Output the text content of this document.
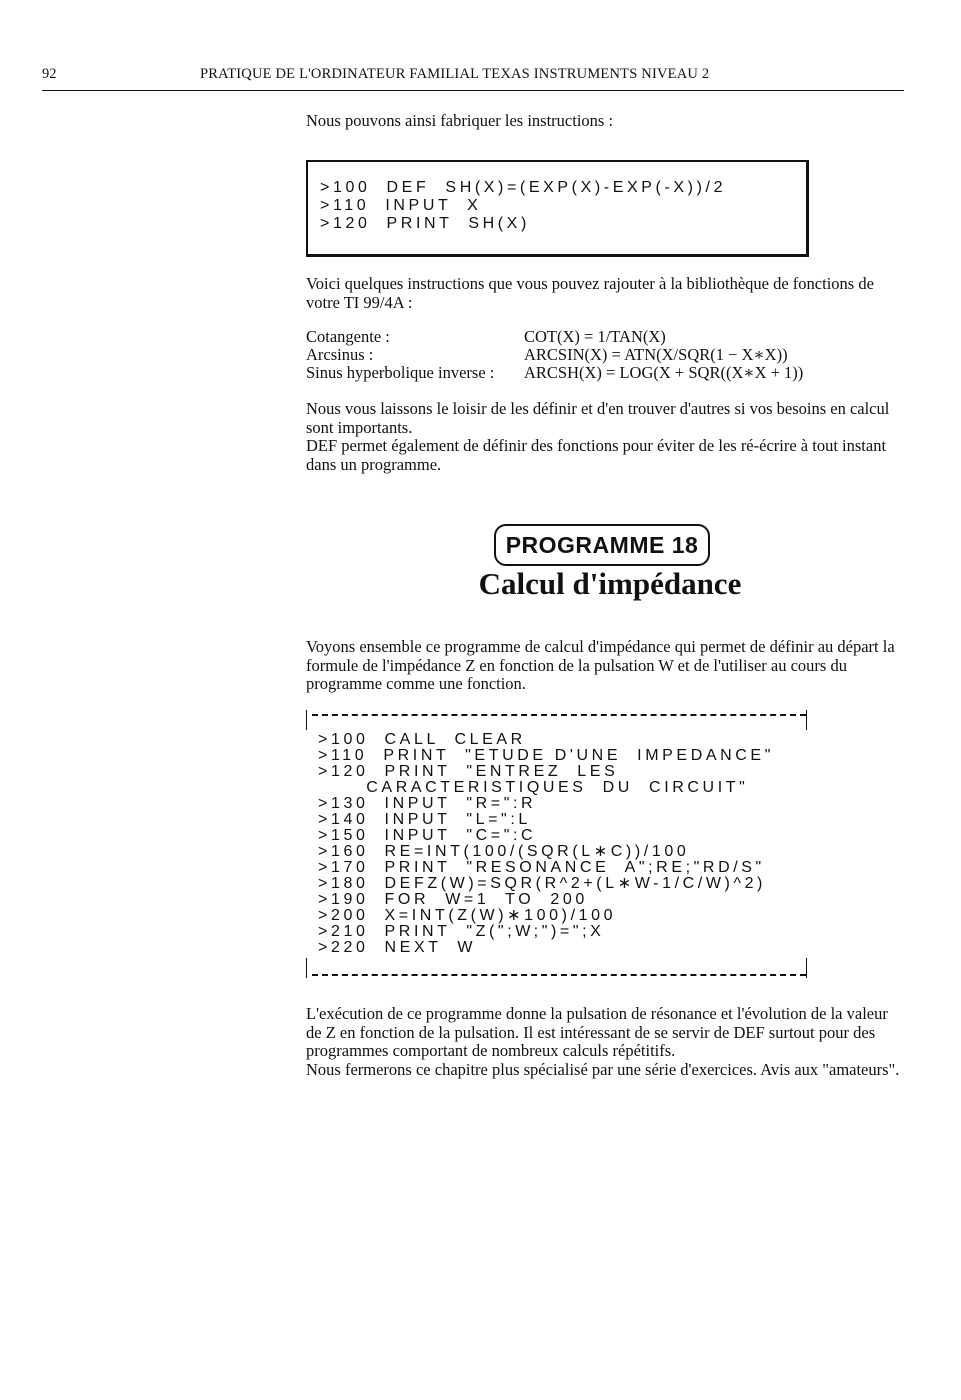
92	PRATIQUE DE L'ORDINATEUR FAMILIAL TEXAS INSTRUMENTS NIVEAU 2

Nous pouvons ainsi fabriquer les instructions :

>100  DEF  SH(X)=(EXP(X)-EXP(-X))/2
>110  INPUT  X
>120  PRINT  SH(X)

Voici quelques instructions que vous pouvez rajouter à la bibliothèque de fonctions de votre TI 99/4A :

Cotangente :	COT(X) = 1/TAN(X)
Arcsinus :	ARCSIN(X) = ATN(X/SQR(1 − X∗X))
Sinus hyperbolique inverse : ARCSH(X) = LOG(X + SQR((X∗X + 1))

Nous vous laissons le loisir de les définir et d'en trouver d'autres si vos besoins en calcul sont importants.

DEF permet également de définir des fonctions pour éviter de les ré-écrire à tout instant dans un programme.

PROGRAMME 18
Calcul d'impédance

Voyons ensemble ce programme de calcul d'impédance qui permet de définir au départ la formule de l'impédance Z en fonction de la pulsation W et de l'utiliser au cours du programme comme une fonction.

>100  CALL  CLEAR
>110  PRINT  "ETUDE D'UNE  IMPEDANCE"
>120  PRINT  "ENTREZ  LES
CARACTERISTIQUES  DU  CIRCUIT"
>130  INPUT  "R=":R
>140  INPUT  "L=":L
>150  INPUT  "C=":C
>160  RE=INT(100/(SQR(L∗C))/100
>170  PRINT  "RESONANCE  A";RE;"RD/S"
>180  DEFZ(W)=SQR(R^2+(L∗W-1/C/W)^2)
>190  FOR  W=1  TO  200
>200  X=INT(Z(W)∗100)/100
>210  PRINT  "Z(";W;")=";X
>220  NEXT  W

L'exécution de ce programme donne la pulsation de résonance et l'évolution de la valeur de Z en fonction de la pulsation. Il est intéressant de se servir de DEF surtout pour des programmes comportant de nombreux calculs répétitifs.

Nous fermerons ce chapitre plus spécialisé par une série d'exercices. Avis aux "amateurs".
